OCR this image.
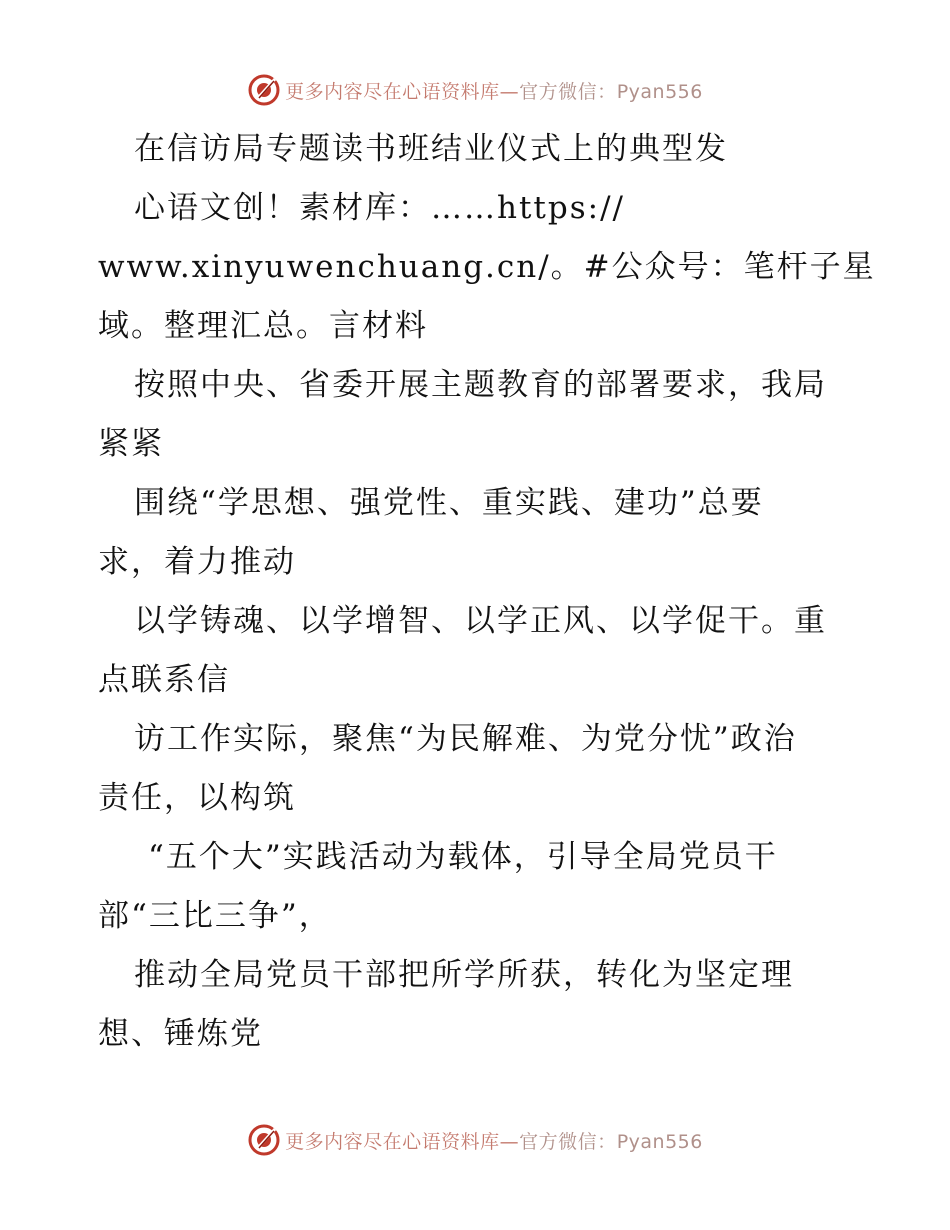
更多内容尽在心语资料库—官方微信：Pyan556
在信访局专题读书班结业仪式上的典型发
心语文创！素材库：……https://
www.xinyuwenchuang.cn/。#公众号：笔杆子星
域。整理汇总。言材料
按照中央、省委开展主题教育的部署要求，我局
紧紧
围绕“学思想、强党性、重实践、建功”总要
求，着力推动
以学铸魂、以学增智、以学正风、以学促干。重
点联系信
访工作实际，聚焦“为民解难、为党分忧”政治
责任，以构筑
“五个大”实践活动为载体，引导全局党员干
部“三比三争”，
推动全局党员干部把所学所获，转化为坚定理
想、锤炼党
更多内容尽在心语资料库—官方微信：Pyan556
